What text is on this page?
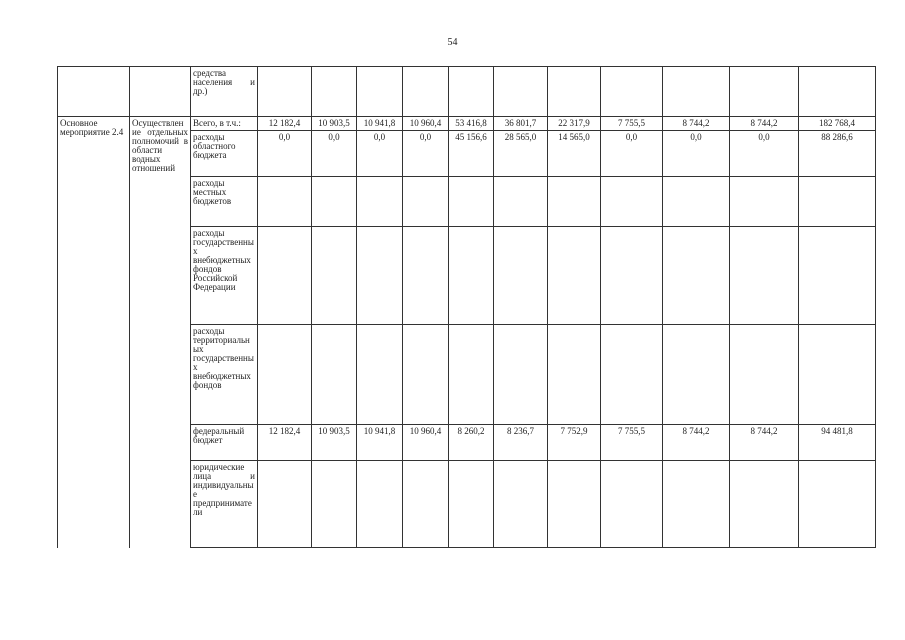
54
		средства населения и др.)											
Основное мероприятие 2.4	Осуществление отдельных полномочий в области водных отношений	Всего, в т.ч.:	12 182,4	10 903,5	10 941,8	10 960,4	53 416,8	36 801,7	22 317,9	7 755,5	8 744,2	8 744,2	182 768,4
		расходы областного бюджета	0,0	0,0	0,0	0,0	45 156,6	28 565,0	14 565,0	0,0	0,0	0,0	88 286,6
		расходы местных бюджетов											
		расходы государственных внебюджетных фондов Российской Федерации											
		расходы территориальных государственных внебюджетных фондов											
		федеральный бюджет	12 182,4	10 903,5	10 941,8	10 960,4	8 260,2	8 236,7	7 752,9	7 755,5	8 744,2	8 744,2	94 481,8
		юридические лица и индивидуальные предприниматели											
